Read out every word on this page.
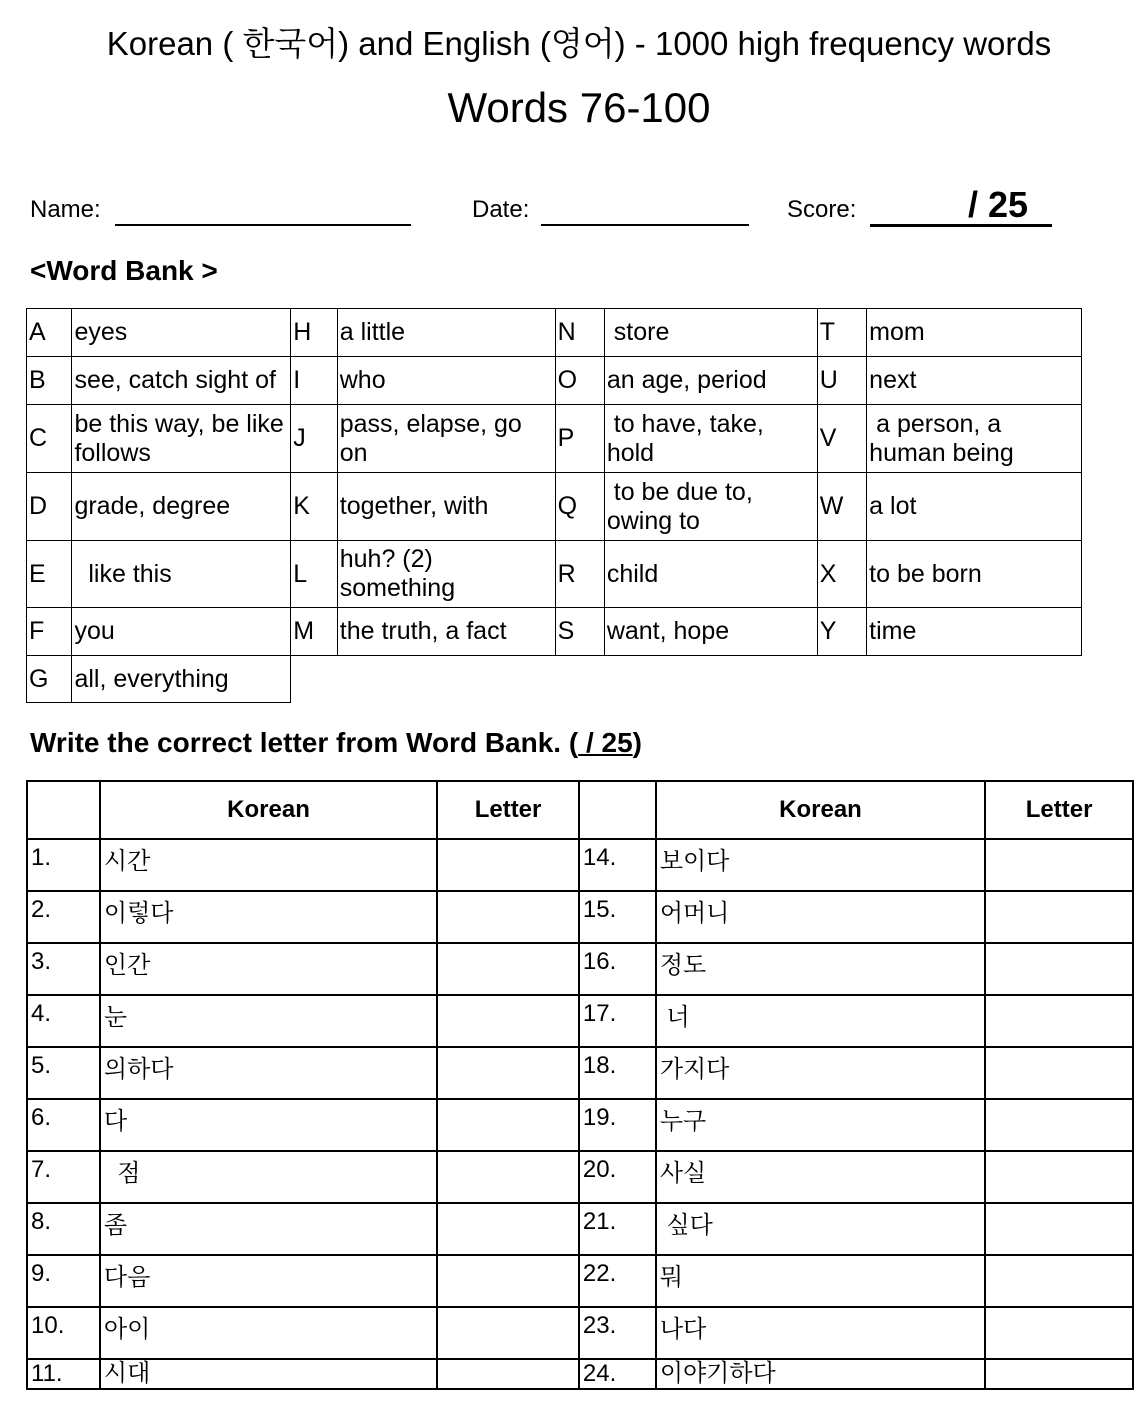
Korean ( 한국어) and English (영어) - 1000 high frequency words
Words 76-100
Name:	Date:	Score:	/ 25
<Word Bank >
A	eyes	H	a little	N	store	T	mom
B	see, catch sight of	I	who	O	an age, period	U	next
C	be this way, be like follows	J	pass, elapse, go on	P	to have, take, hold	V	a person, a human being
D	grade, degree	K	together, with	Q	to be due to, owing to	W	a lot
E	like this	L	huh? (2) something	R	child	X	to be born
F	you	M	the truth, a fact	S	want, hope	Y	time
G	all, everything						
Write the correct letter from Word Bank. ( / 25)
	Korean	Letter		Korean	Letter
1.	시간		14.	보이다	
2.	이렇다		15.	어머니	
3.	인간		16.	정도	
4.	눈		17.	너	
5.	의하다		18.	가지다	
6.	다		19.	누구	
7.	점		20.	사실	
8.	좀		21.	싶다	
9.	다음		22.	뭐	
10.	아이		23.	나다	
11.	시대		24.	이야기하다	
